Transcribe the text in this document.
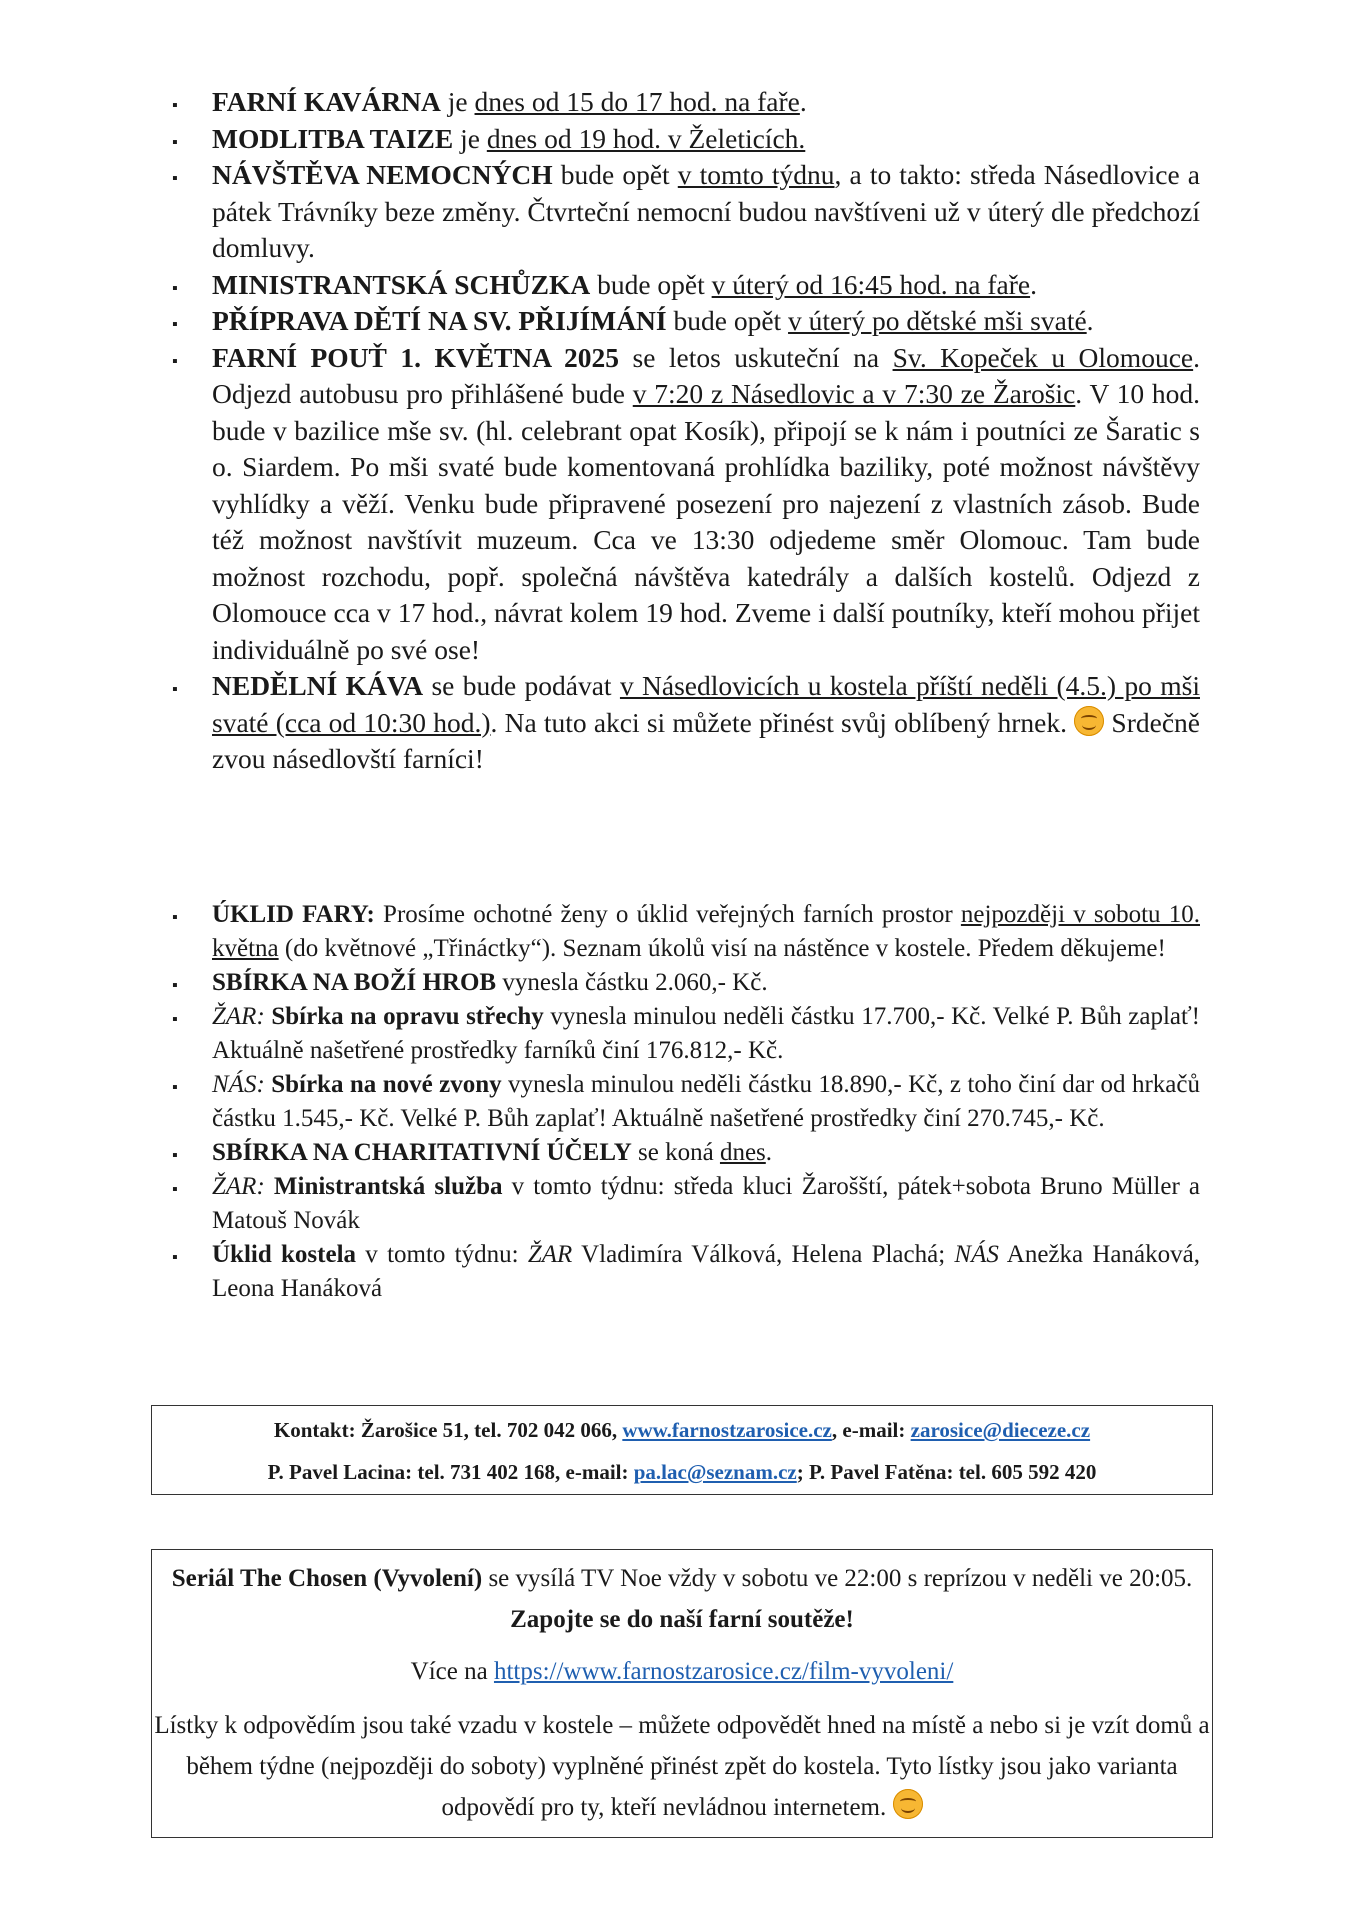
▪ FARNÍ KAVÁRNA je dnes od 15 do 17 hod. na faře.
▪ MODLITBA TAIZE je dnes od 19 hod. v Želeticích.
▪ NÁVŠTĚVA NEMOCNÝCH bude opět v tomto týdnu, a to takto: středa Násedlovice a pátek Trávníky beze změny. Čtvrteční nemocní budou navštíveni už v úterý dle předchozí domluvy.
▪ MINISTRANTSKÁ SCHŮZKA bude opět v úterý od 16:45 hod. na faře.
▪ PŘÍPRAVA DĚTÍ NA SV. PŘIJÍMÁNÍ bude opět v úterý po dětské mši svaté.
▪ FARNÍ POUŤ 1. KVĚTNA 2025 se letos uskuteční na Sv. Kopeček u Olomouce. Odjezd autobusu pro přihlášené bude v 7:20 z Násedlovic a v 7:30 ze Žarošic. V 10 hod. bude v bazilice mše sv. (hl. celebrant opat Kosík), připojí se k nám i poutníci ze Šaratic s o. Siardem. Po mši svaté bude komentovaná prohlídka baziliky, poté možnost návštěvy vyhlídky a věží. Venku bude připravené posezení pro najezení z vlastních zásob. Bude též možnost navštívit muzeum. Cca ve 13:30 odjedeme směr Olomouc. Tam bude možnost rozchodu, popř. společná návštěva katedrály a dalších kostelů. Odjezd z Olomouce cca v 17 hod., návrat kolem 19 hod. Zveme i další poutníky, kteří mohou přijet individuálně po své ose!
▪ NEDĚLNÍ KÁVA se bude podávat v Násedlovicích u kostela příští neděli (4.5.) po mši svaté (cca od 10:30 hod.). Na tuto akci si můžete přinést svůj oblíbený hrnek.  Srdečně zvou násedlovští farníci!
▪ ÚKLID FARY: Prosíme ochotné ženy o úklid veřejných farních prostor nejpozději v sobotu 10. května (do květnové „Třináctky“). Seznam úkolů visí na nástěnce v kostele. Předem děkujeme!
▪ SBÍRKA NA BOŽÍ HROB vynesla částku 2.060,- Kč.
▪ ŽAR: Sbírka na opravu střechy vynesla minulou neděli částku 17.700,- Kč. Velké P. Bůh zaplať! Aktuálně našetřené prostředky farníků činí 176.812,- Kč.
▪ NÁS: Sbírka na nové zvony vynesla minulou neděli částku 18.890,- Kč, z toho činí dar od hrkačů částku 1.545,- Kč. Velké P. Bůh zaplať! Aktuálně našetřené prostředky činí 270.745,- Kč.
▪ SBÍRKA NA CHARITATIVNÍ ÚČELY se koná dnes.
▪ ŽAR: Ministrantská služba v tomto týdnu: středa kluci Žarošští, pátek+sobota Bruno Müller a Matouš Novák
▪ Úklid kostela v tomto týdnu: ŽAR Vladimíra Válková, Helena Plachá; NÁS Anežka Hanáková, Leona Hanáková
Kontakt: Žarošice 51, tel. 702 042 066, www.farnostzarosice.cz, e-mail: zarosice@dieceze.cz
P. Pavel Lacina: tel. 731 402 168, e-mail: pa.lac@seznam.cz; P. Pavel Fatěna: tel. 605 592 420

Seriál The Chosen (Vyvolení) se vysílá TV Noe vždy v sobotu ve 22:00 s reprízou v neděli ve 20:05. Zapojte se do naší farní soutěže!

Více na https://www.farnostzarosice.cz/film-vyvoleni/

Lístky k odpovědím jsou také vzadu v kostele – můžete odpovědět hned na místě a nebo si je vzít domů a během týdne (nejpozději do soboty) vyplněné přinést zpět do kostela. Tyto lístky jsou jako varianta odpovědí pro ty, kteří nevládnou internetem.
